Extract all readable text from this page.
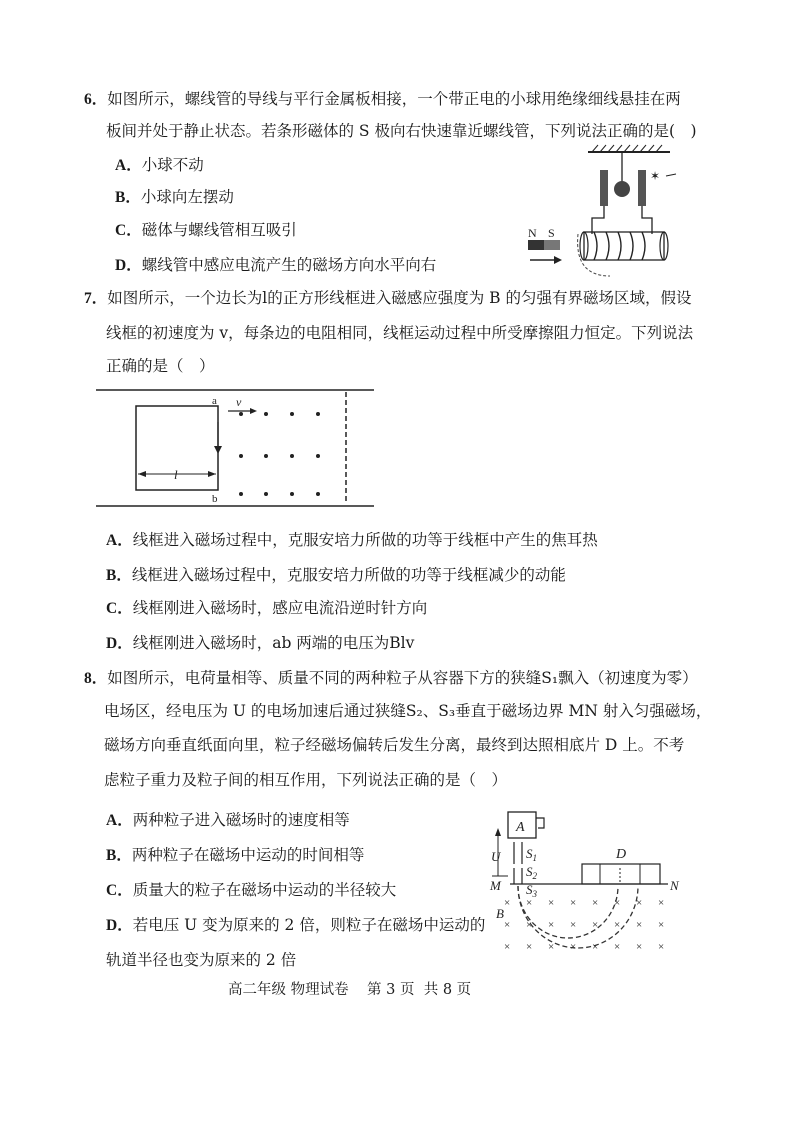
6．如图所示，螺线管的导线与平行金属板相接，一个带正电的小球用绝缘细线悬挂在两
板间并处于静止状态。若条形磁体的 S 极向右快速靠近螺线管，下列说法正确的是(　)
A．小球不动
B．小球向左摆动
C．磁体与螺线管相互吸引
D．螺线管中感应电流产生的磁场方向水平向右
✶
N S
7．如图所示，一个边长为l的正方形线框进入磁感应强度为 B 的匀强有界磁场区域，假设
线框的初速度为 v，每条边的电阻相同，线框运动过程中所受摩擦阻力恒定。下列说法
正确的是（　）
a
b
v
l
A．线框进入磁场过程中，克服安培力所做的功等于线框中产生的焦耳热
B．线框进入磁场过程中，克服安培力所做的功等于线框减少的动能
C．线框刚进入磁场时，感应电流沿逆时针方向
D．线框刚进入磁场时，ab 两端的电压为Blv
8．如图所示，电荷量相等、质量不同的两种粒子从容器下方的狭缝S₁飘入（初速度为零）
电场区，经电压为 U 的电场加速后通过狭缝S₂、S₃垂直于磁场边界 MN 射入匀强磁场，
磁场方向垂直纸面向里，粒子经磁场偏转后发生分离，最终到达照相底片 D 上。不考
虑粒子重力及粒子间的相互作用，下列说法正确的是（　）
A．两种粒子进入磁场时的速度相等
B．两种粒子在磁场中运动的时间相等
C．质量大的粒子在磁场中运动的半径较大
D．若电压 U 变为原来的 2 倍，则粒子在磁场中运动的
轨道半径也变为原来的 2 倍
A
$S_1$
$S_2$
$S_3$
U
M	N
D
B
× × × × × × × ×
× × × × × × × ×
× × × × × × × ×
高二年级 物理试卷 第 3 页 共 8 页
